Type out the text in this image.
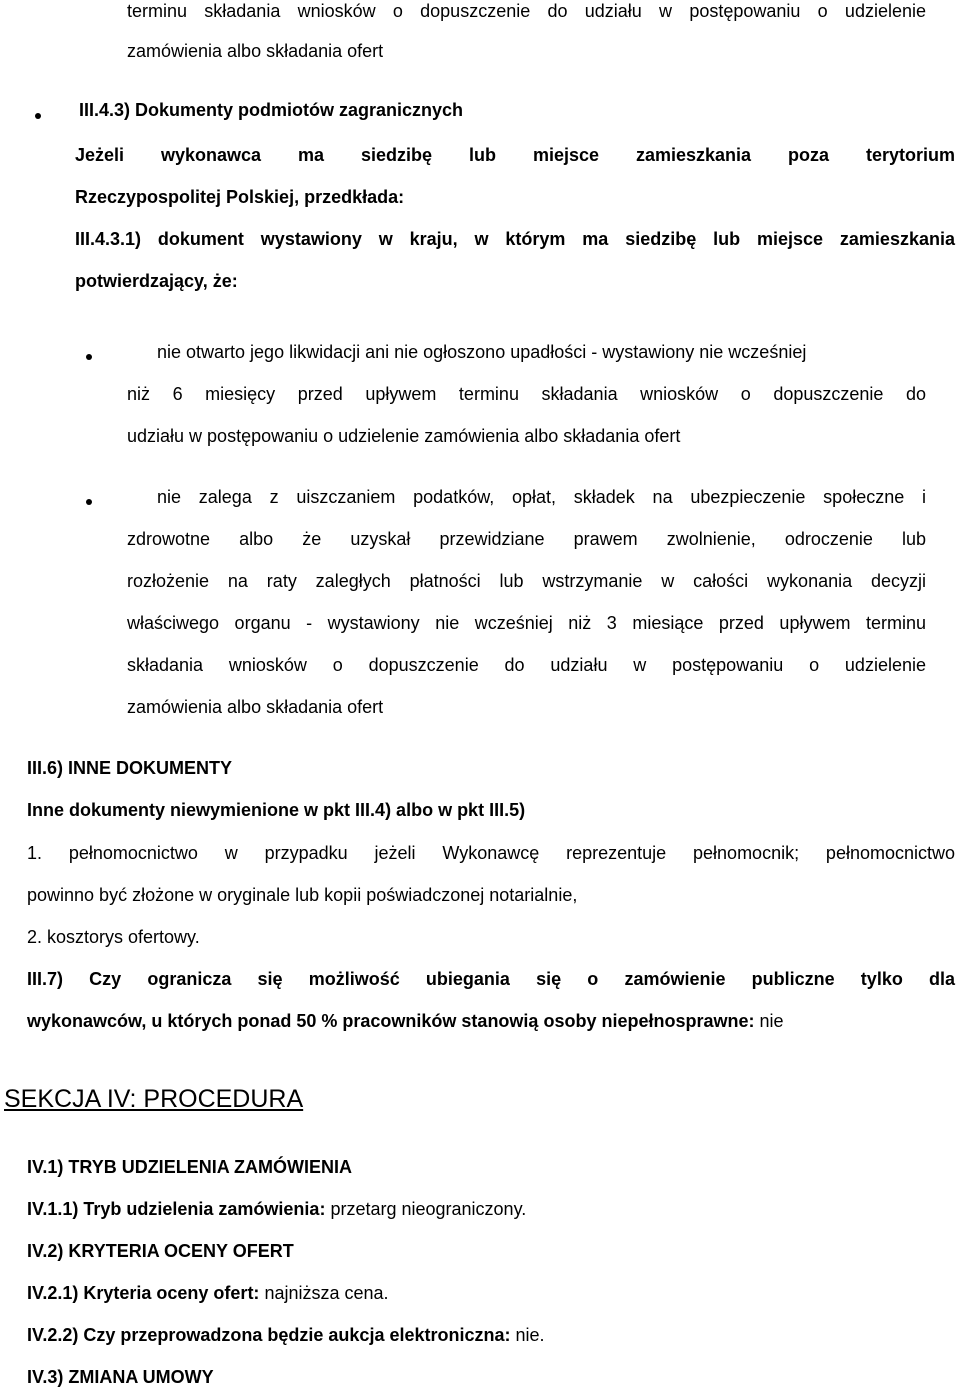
terminu składania wniosków o dopuszczenie do udziału w postępowaniu o udzielenie
zamówienia albo składania ofert
III.4.3) Dokumenty podmiotów zagranicznych
Jeżeli wykonawca ma siedzibę lub miejsce zamieszkania poza terytorium
Rzeczypospolitej Polskiej, przedkłada:
III.4.3.1) dokument wystawiony w kraju, w którym ma siedzibę lub miejsce zamieszkania
potwierdzający, że:
nie otwarto jego likwidacji ani nie ogłoszono upadłości - wystawiony nie wcześniej
niż 6 miesięcy przed upływem terminu składania wniosków o dopuszczenie do
udziału w postępowaniu o udzielenie zamówienia albo składania ofert
nie zalega z uiszczaniem podatków, opłat, składek na ubezpieczenie społeczne i
zdrowotne albo że uzyskał przewidziane prawem zwolnienie, odroczenie lub
rozłożenie na raty zaległych płatności lub wstrzymanie w całości wykonania decyzji
właściwego organu - wystawiony nie wcześniej niż 3 miesiące przed upływem terminu
składania wniosków o dopuszczenie do udziału w postępowaniu o udzielenie
zamówienia albo składania ofert
III.6) INNE DOKUMENTY
Inne dokumenty niewymienione w pkt III.4) albo w pkt III.5)
1. pełnomocnictwo w przypadku jeżeli Wykonawcę reprezentuje pełnomocnik; pełnomocnictwo
powinno być złożone w oryginale lub kopii poświadczonej notarialnie,
2. kosztorys ofertowy.
III.7) Czy ogranicza się możliwość ubiegania się o zamówienie publiczne tylko dla
wykonawców, u których ponad 50 % pracowników stanowią osoby niepełnosprawne: nie
SEKCJA IV: PROCEDURA
IV.1) TRYB UDZIELENIA ZAMÓWIENIA
IV.1.1) Tryb udzielenia zamówienia: przetarg nieograniczony.
IV.2) KRYTERIA OCENY OFERT
IV.2.1) Kryteria oceny ofert: najniższa cena.
IV.2.2) Czy przeprowadzona będzie aukcja elektroniczna: nie.
IV.3) ZMIANA UMOWY
